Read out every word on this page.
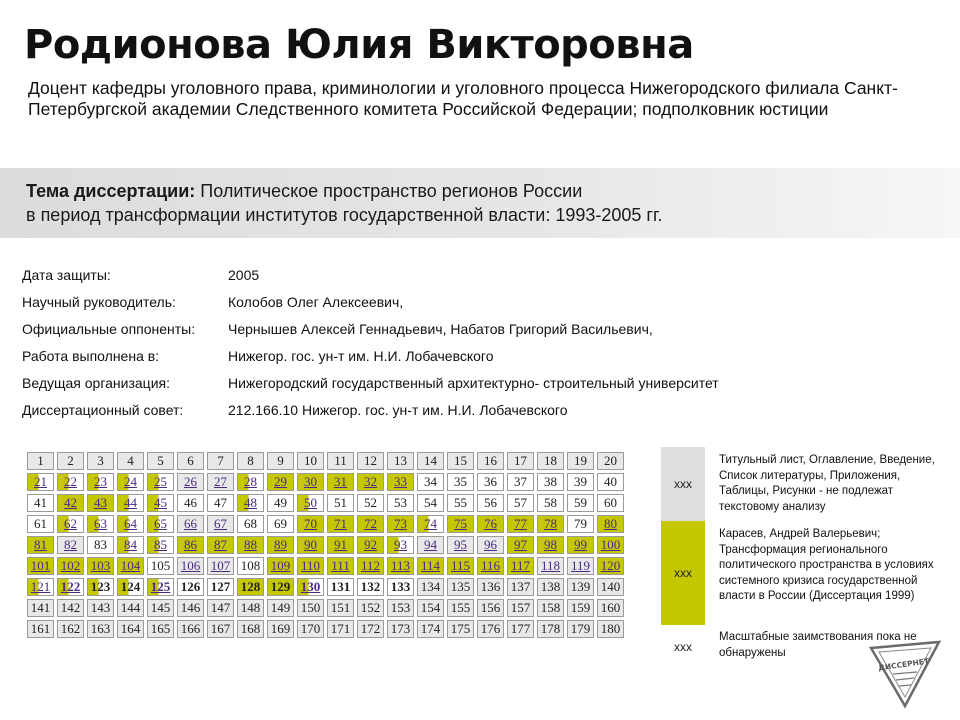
Родионова Юлия Викторовна
Доцент кафедры уголовного права, криминологии и уголовного процесса Нижегородского филиала Санкт-Петербургской академии Следственного комитета Российской Федерации; подполковник юстиции
Тема диссертации: Политическое пространство регионов России
в период трансформации институтов государственной власти: 1993-2005 гг.
Дата защиты:	2005
Научный руководитель:	Колобов Олег Алексеевич,
Официальные оппоненты: Чернышев Алексей Геннадьевич, Набатов Григорий Васильевич,
Работа выполнена в:	Нижегор. гос. ун-т им. Н.И. Лобачевского
Ведущая организация:	Нижегородский государственный архитектурно- строительный университет
Диссертационный совет:	212.166.10 Нижегор. гос. ун-т им. Н.И. Лобачевского
1	2	3	4	5	6	7	8	9	10	11	12	13	14	15	16	17	18	19	20
21	22	23	24	25	26	27	28	29	30	31	32	33	34	35	36	37	38	39	40
41	42	43	44	45	46	47	48	49	50	51	52	53	54	55	56	57	58	59	60
61	62	63	64	65	66	67	68	69	70	71	72	73	74	75	76	77	78	79	80
81	82	83	84	85	86	87	88	89	90	91	92	93	94	95	96	97	98	99	100
101	102	103	104	105	106	107	108	109	110	111	112	113	114	115	116	117	118	119	120
121	122	123	124	125	126	127	128	129	130	131	132	133	134	135	136	137	138	139	140
141	142	143	144	145	146	147	148	149	150	151	152	153	154	155	156	157	158	159	160
161	162	163	164	165	166	167	168	169	170	171	172	173	174	175	176	177	178	179	180
xxx
Титульный лист, Оглавление, Введение, Список литературы, Приложения, Таблицы, Рисунки - не подлежат текстовому анализу
xxx
Карасев, Андрей Валерьевич; Трансформация регионального политического пространства в условиях системного кризиса государственной власти в России (Диссертация 1999)
xxx
Масштабные заимствования пока не обнаружены
ДИССЕРНЕТ
